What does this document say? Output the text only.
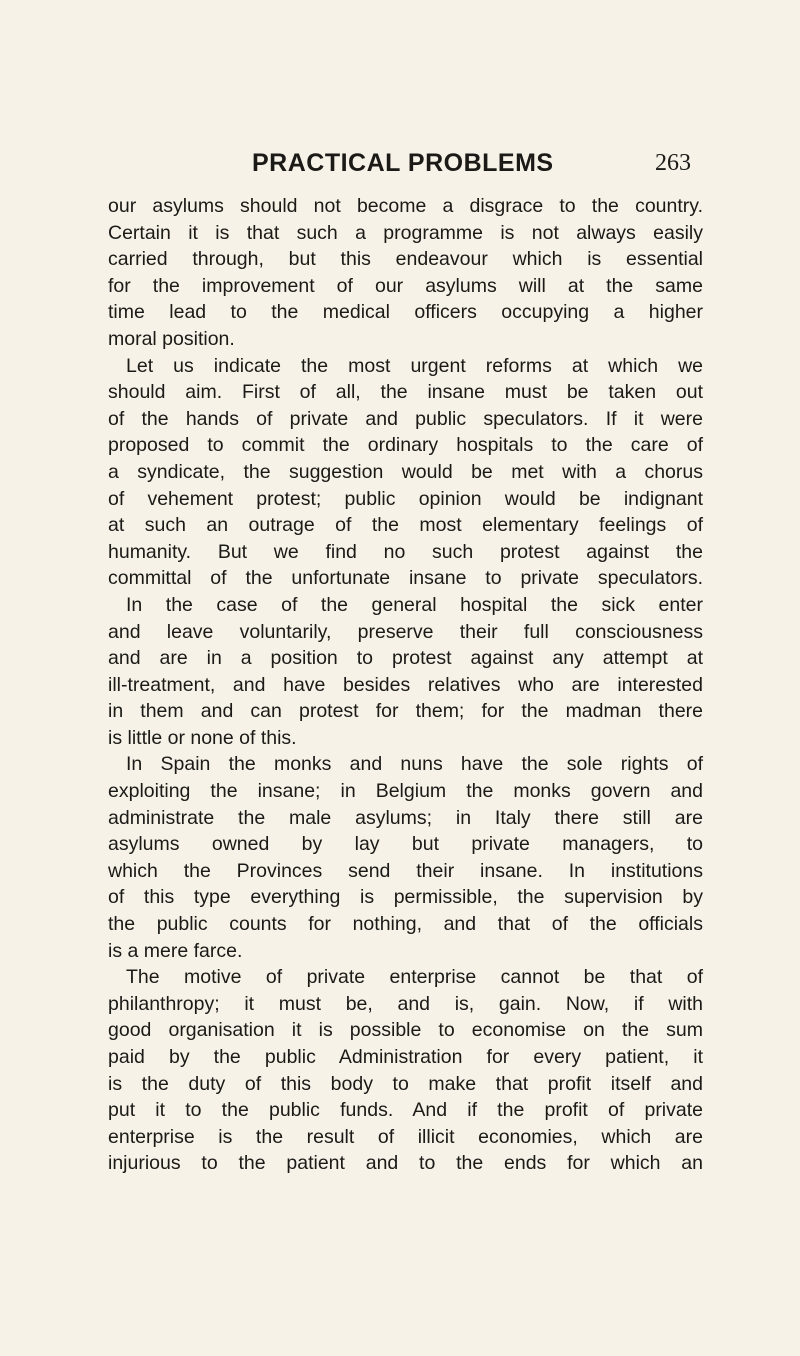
PRACTICAL PROBLEMS	263
our asylums should not become a disgrace to the country.
Certain it is that such a programme is not always easily
carried through, but this endeavour which is essential
for the improvement of our asylums will at the same
time lead to the medical officers occupying a higher
moral position.
Let us indicate the most urgent reforms at which we
should aim. First of all, the insane must be taken out
of the hands of private and public speculators. If it were
proposed to commit the ordinary hospitals to the care of
a syndicate, the suggestion would be met with a chorus
of vehement protest; public opinion would be indignant
at such an outrage of the most elementary feelings of
humanity. But we find no such protest against the
committal of the unfortunate insane to private speculators.
In the case of the general hospital the sick enter
and leave voluntarily, preserve their full consciousness
and are in a position to protest against any attempt at
ill-treatment, and have besides relatives who are interested
in them and can protest for them; for the madman there
is little or none of this.
In Spain the monks and nuns have the sole rights of
exploiting the insane; in Belgium the monks govern and
administrate the male asylums; in Italy there still are
asylums owned by lay but private managers, to
which the Provinces send their insane. In institutions
of this type everything is permissible, the supervision by
the public counts for nothing, and that of the officials
is a mere farce.
The motive of private enterprise cannot be that of
philanthropy; it must be, and is, gain. Now, if with
good organisation it is possible to economise on the sum
paid by the public Administration for every patient, it
is the duty of this body to make that profit itself and
put it to the public funds. And if the profit of private
enterprise is the result of illicit economies, which are
injurious to the patient and to the ends for which an
